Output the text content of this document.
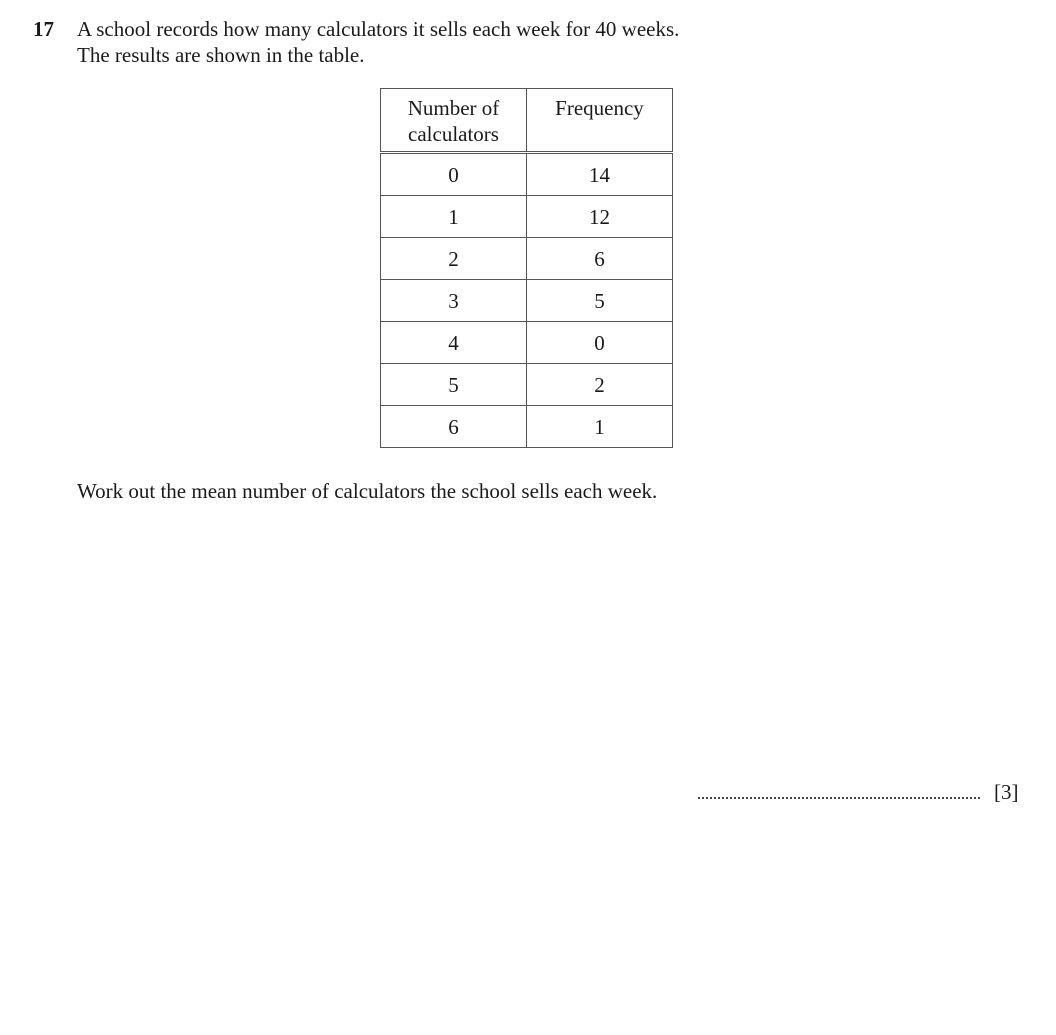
17 A school records how many calculators it sells each week for 40 weeks.

The results are shown in the table.

Number of
calculators	Frequency
0	14
1	12
2	6
3	5
4	0
5	2
6	1

Work out the mean number of calculators the school sells each week.

[3]
